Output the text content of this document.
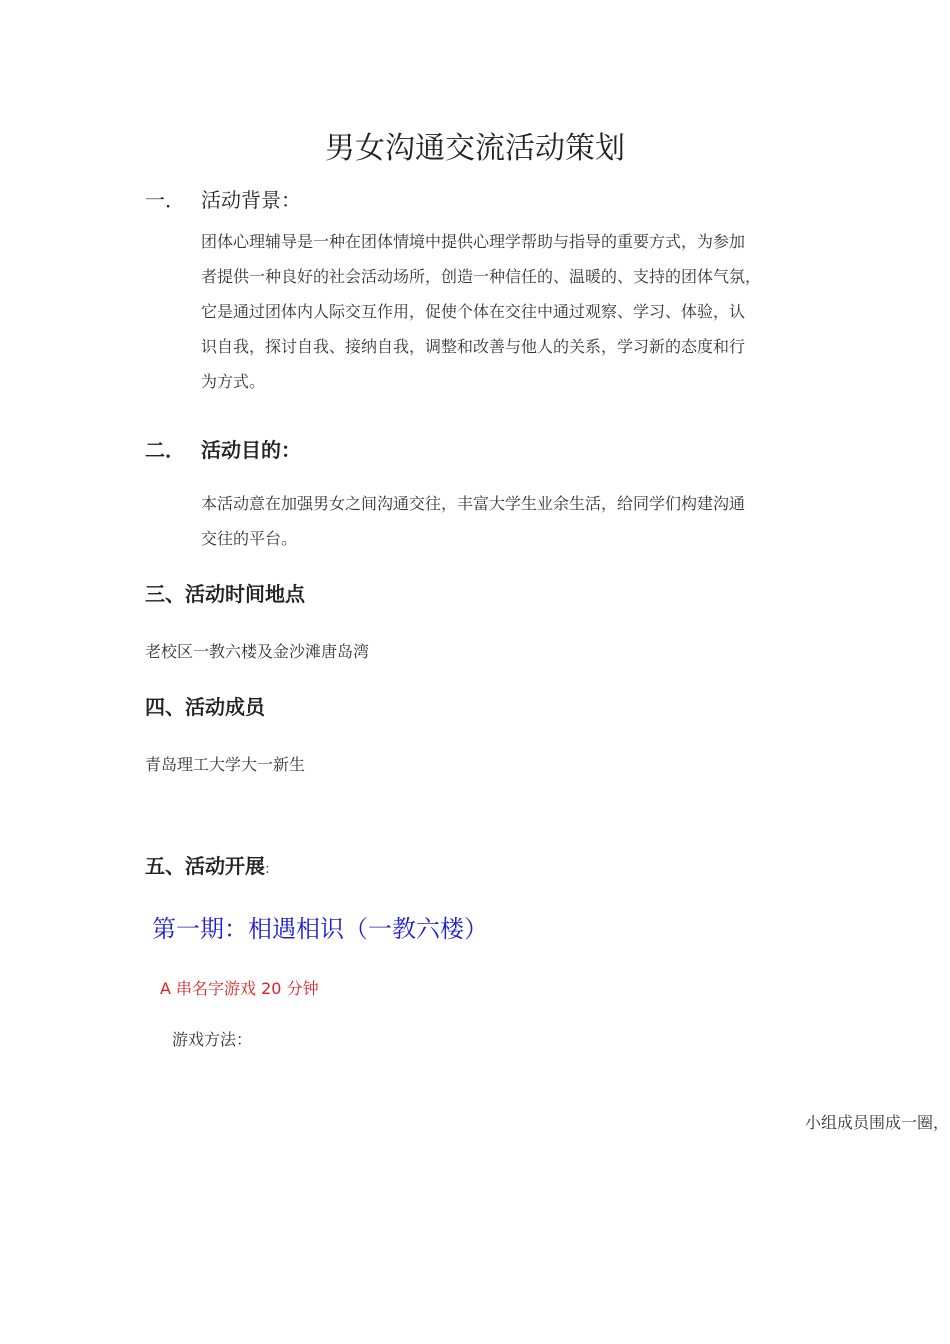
男女沟通交流活动策划
一． 活动背景：
团体心理辅导是一种在团体情境中提供心理学帮助与指导的重要方式，为参加
者提供一种良好的社会活动场所，创造一种信任的、温暖的、支持的团体气氛，
它是通过团体内人际交互作用，促使个体在交往中通过观察、学习、体验，认
识自我，探讨自我、接纳自我，调整和改善与他人的关系，学习新的态度和行
为方式。
二． 活动目的：
本活动意在加强男女之间沟通交往，丰富大学生业余生活，给同学们构建沟通
交往的平台。
三、活动时间地点
老校区一教六楼及金沙滩唐岛湾
四、活动成员
青岛理工大学大一新生
五、活动开展:
第一期：相遇相识（一教六楼）
A 串名字游戏 20 分钟
游戏方法：
小组成员围成一圈，
